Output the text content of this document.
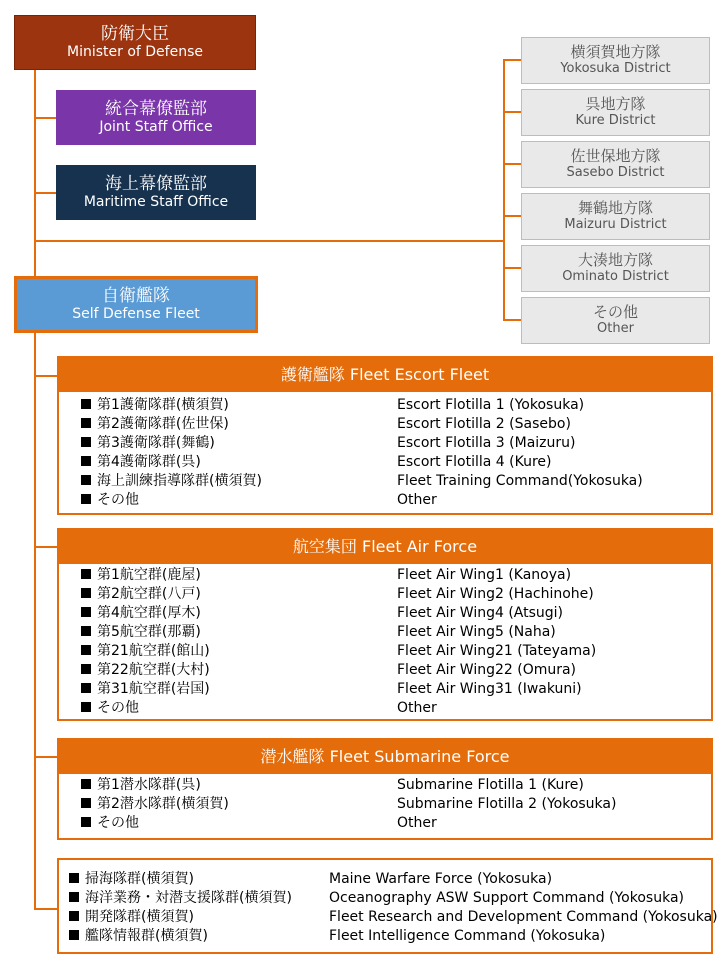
防衛大臣
Minister of Defense
統合幕僚監部
Joint Staff Office
海上幕僚監部
Maritime Staff Office
自衛艦隊
Self Defense Fleet
横須賀地方隊
Yokosuka District
呉地方隊
Kure District
佐世保地方隊
Sasebo District
舞鶴地方隊
Maizuru District
大湊地方隊
Ominato District
その他
Other
護衛艦隊 Fleet Escort Fleet
第1護衛隊群(横須賀)	Escort Flotilla 1 (Yokosuka)
第2護衛隊群(佐世保)	Escort Flotilla 2 (Sasebo)
第3護衛隊群(舞鶴)	Escort Flotilla 3 (Maizuru)
第4護衛隊群(呉)	Escort Flotilla 4 (Kure)
海上訓練指導隊群(横須賀)	Fleet Training Command(Yokosuka)
その他	Other
航空集団 Fleet Air Force
第1航空群(鹿屋)	Fleet Air Wing1 (Kanoya)
第2航空群(八戸)	Fleet Air Wing2 (Hachinohe)
第4航空群(厚木)	Fleet Air Wing4 (Atsugi)
第5航空群(那覇)	Fleet Air Wing5 (Naha)
第21航空群(館山)	Fleet Air Wing21 (Tateyama)
第22航空群(大村)	Fleet Air Wing22 (Omura)
第31航空群(岩国)	Fleet Air Wing31 (Iwakuni)
その他	Other
潜水艦隊 Fleet Submarine Force
第1潜水隊群(呉)	Submarine Flotilla 1 (Kure)
第2潜水隊群(横須賀)	Submarine Flotilla 2 (Yokosuka)
その他	Other
掃海隊群(横須賀)	Maine Warfare Force (Yokosuka)
海洋業務・対潜支援隊群(横須賀)	Oceanography ASW Support Command (Yokosuka)
開発隊群(横須賀)	Fleet Research and Development Command (Yokosuka)
艦隊情報群(横須賀)	Fleet Intelligence Command (Yokosuka)
